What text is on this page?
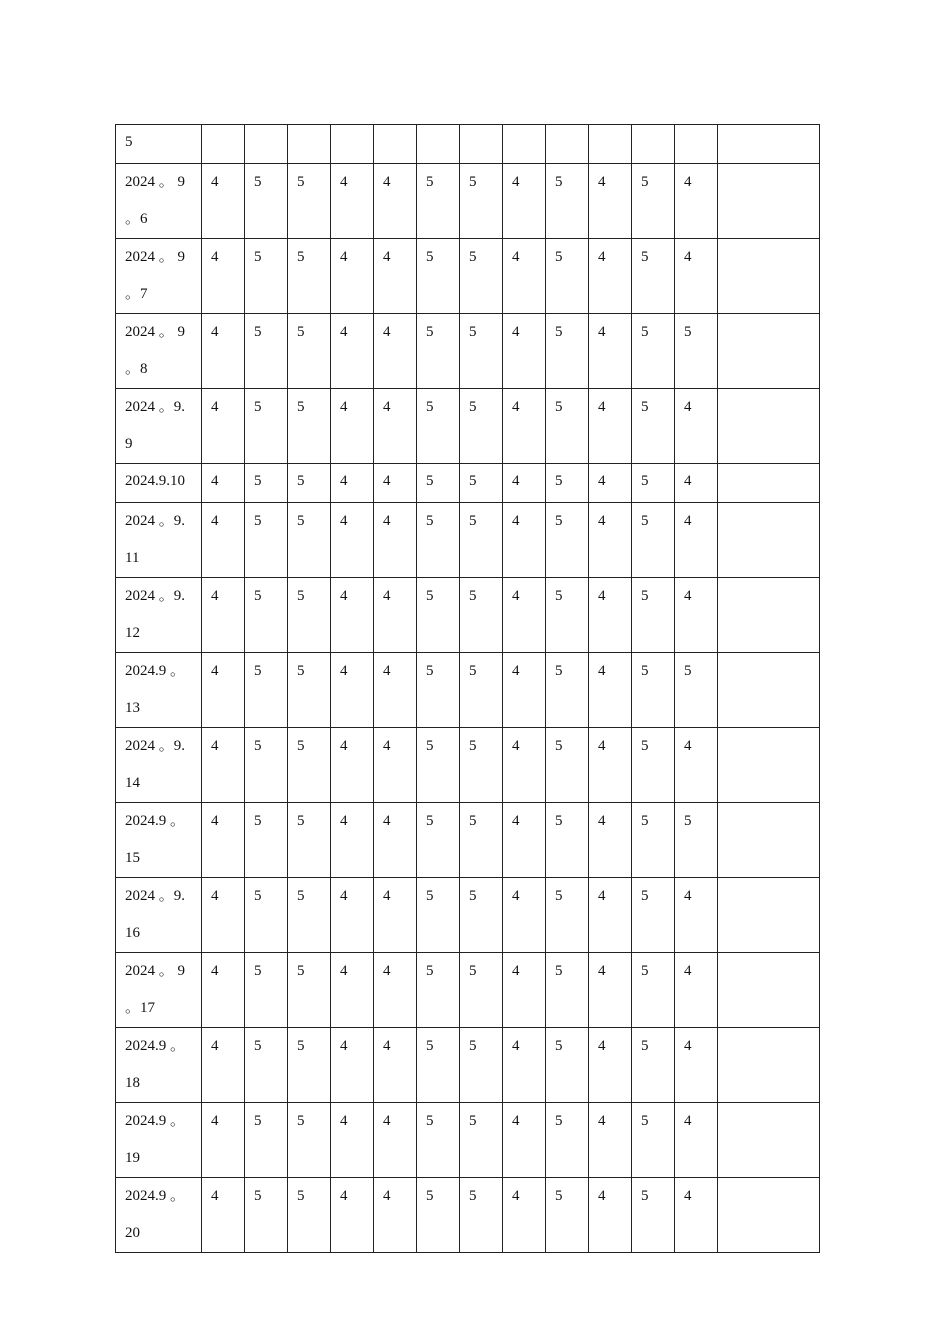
5													
2024 。 9
。6	4	5	5	4	4	5	5	4	5	4	5	4	
2024 。 9
。7	4	5	5	4	4	5	5	4	5	4	5	4	
2024 。 9
。8	4	5	5	4	4	5	5	4	5	4	5	5	
2024 。9.
9	4	5	5	4	4	5	5	4	5	4	5	4	
2024.9.10	4	5	5	4	4	5	5	4	5	4	5	4	
2024 。9.
11	4	5	5	4	4	5	5	4	5	4	5	4	
2024 。9.
12	4	5	5	4	4	5	5	4	5	4	5	4	
2024.9 。
13	4	5	5	4	4	5	5	4	5	4	5	5	
2024 。9.
14	4	5	5	4	4	5	5	4	5	4	5	4	
2024.9 。
15	4	5	5	4	4	5	5	4	5	4	5	5	
2024 。9.
16	4	5	5	4	4	5	5	4	5	4	5	4	
2024 。 9
。17	4	5	5	4	4	5	5	4	5	4	5	4	
2024.9 。
18	4	5	5	4	4	5	5	4	5	4	5	4	
2024.9 。
19	4	5	5	4	4	5	5	4	5	4	5	4	
2024.9 。
20	4	5	5	4	4	5	5	4	5	4	5	4	
